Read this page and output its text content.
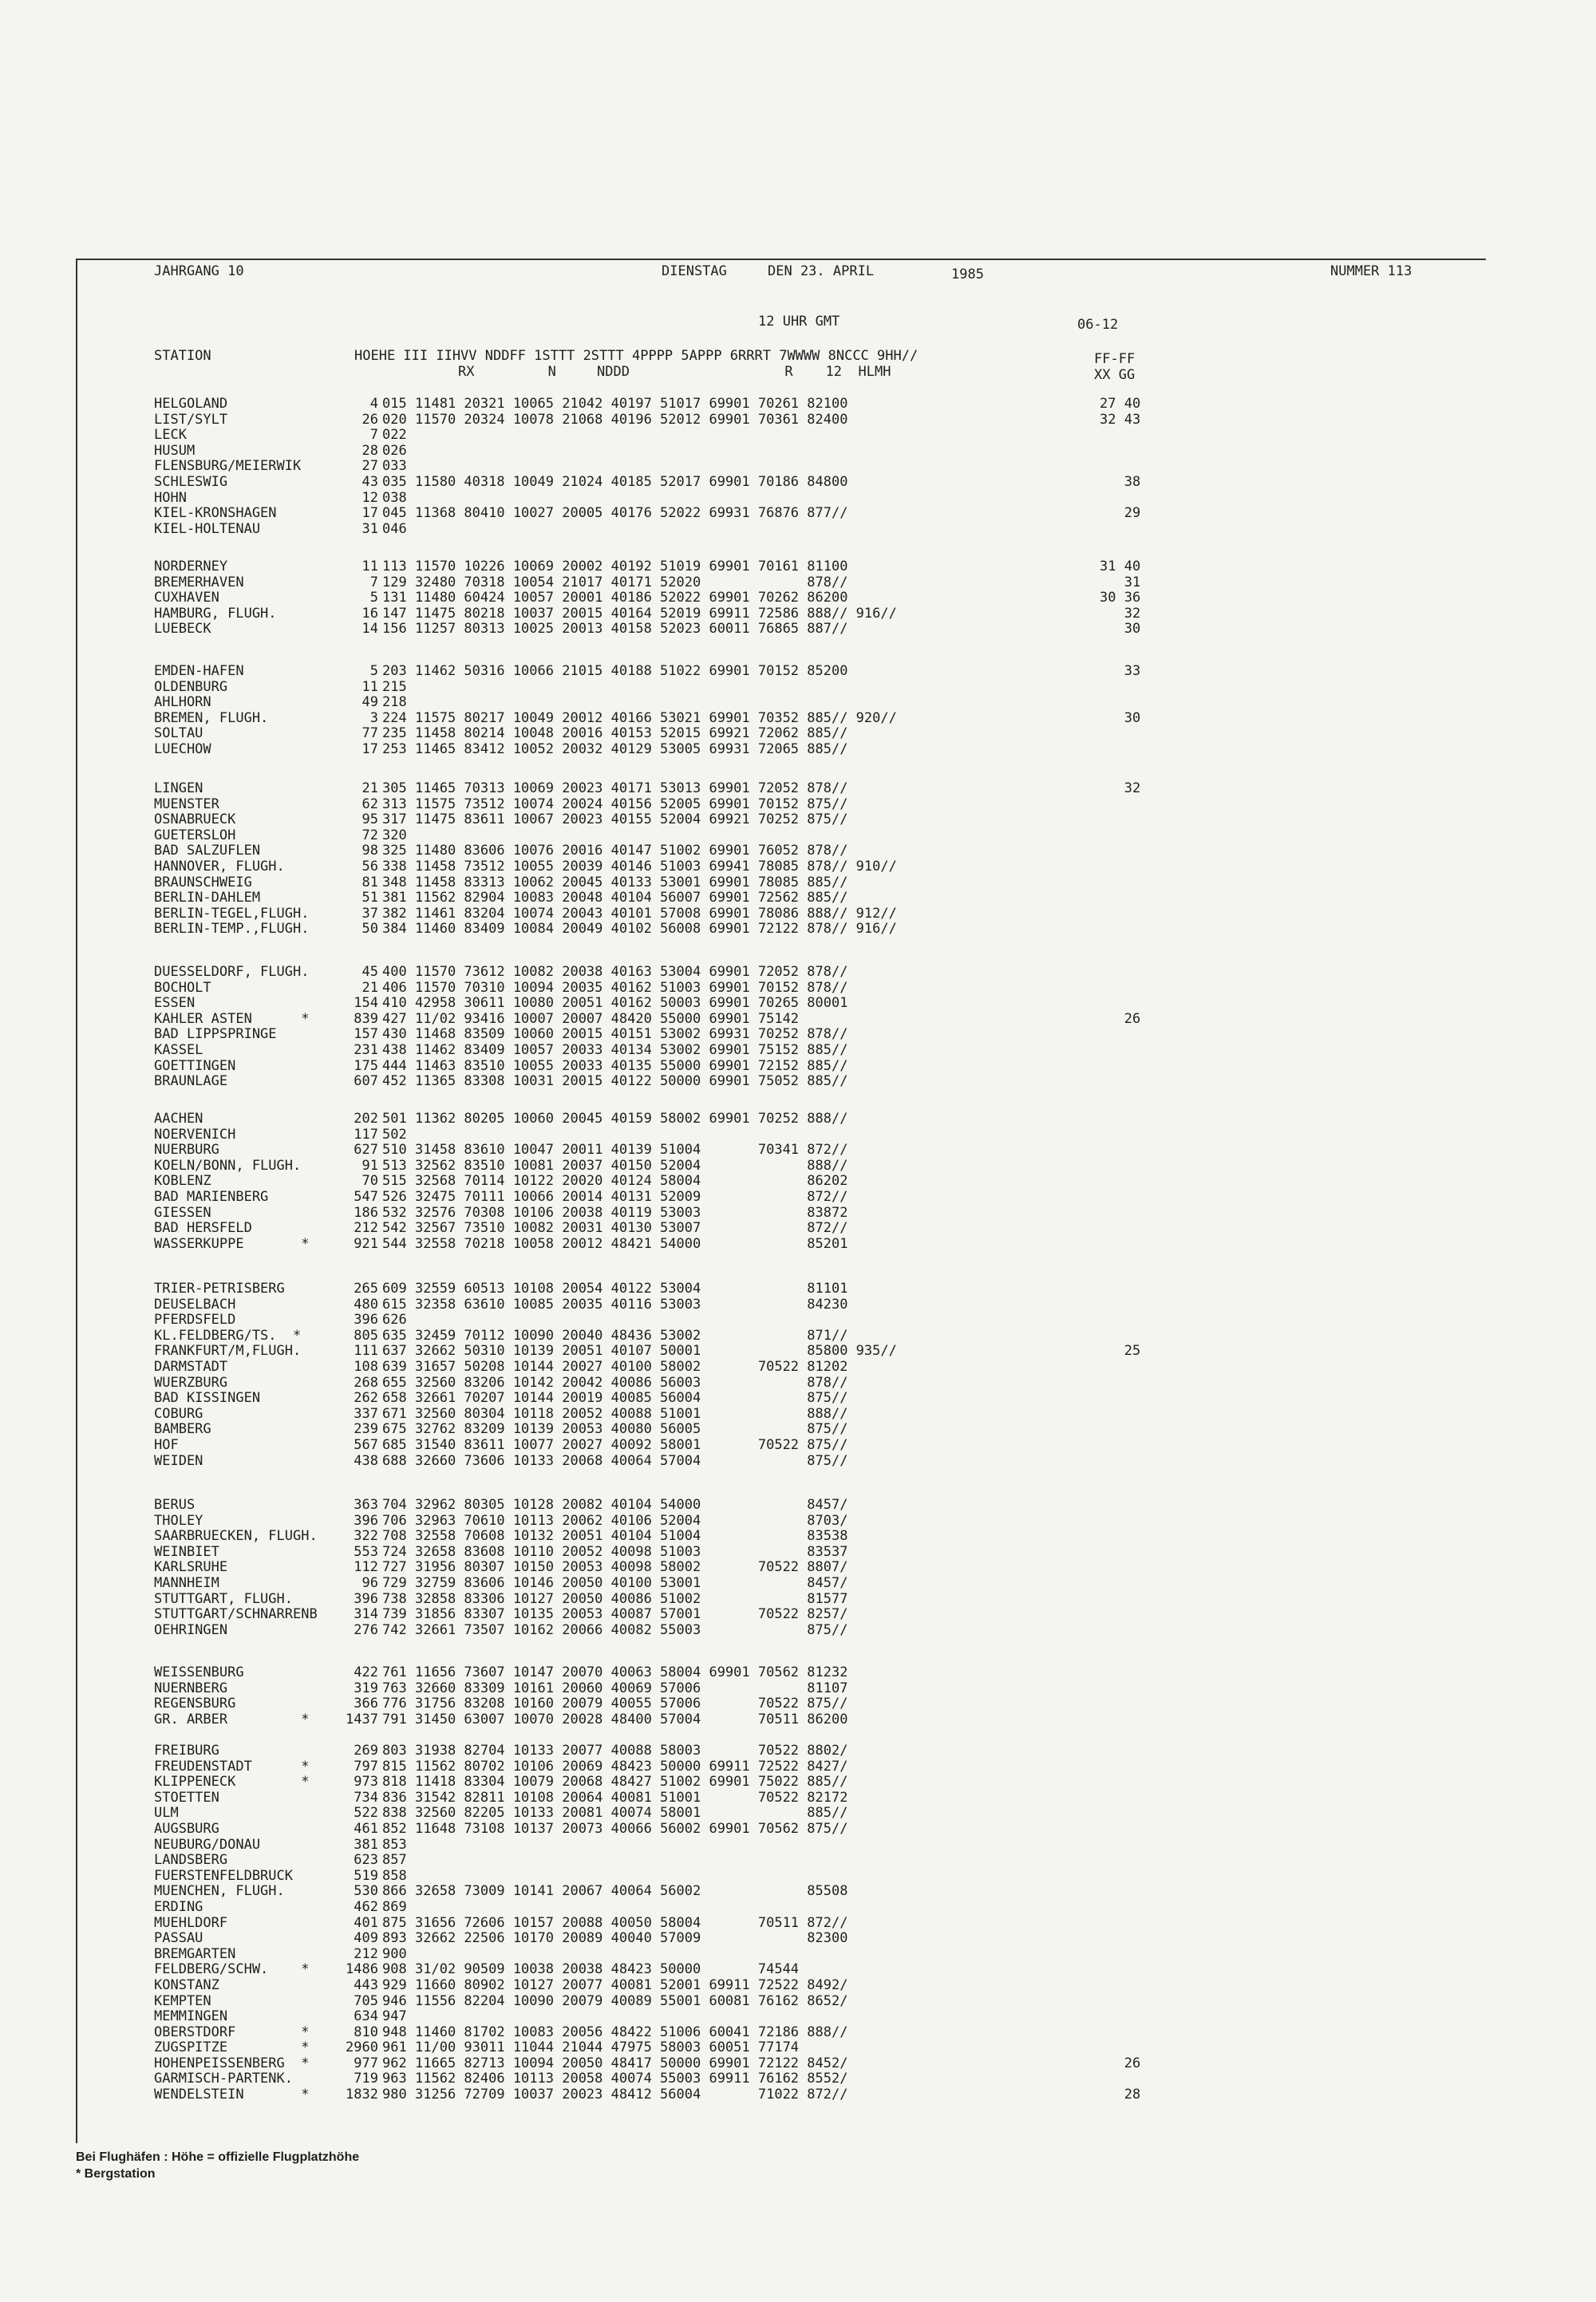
JAHRGANG 10	DIENSTAG	DEN 23. APRIL	1985	NUMMER 113
12 UHR GMT	06-12
STATION	HOEHE III IIHVV NDDFF 1STTT 2STTT 4PPPP 5APPP 6RRRT 7WWWW 8NCCC 9HH//
RX         N     NDDD                   R    12  HLMH
FF-FF
XX GG
HELGOLAND	4 015 11481 20321 10065 21042 40197 51017 69901 70261 82100	27 40
LIST/SYLT	26 020 11570 20324 10078 21068 40196 52012 69901 70361 82400	32 43
LECK	7 022
HUSUM	28 026
FLENSBURG/MEIERWIK	27 033
SCHLESWIG	43 035 11580 40318 10049 21024 40185 52017 69901 70186 84800	38
HOHN	12 038
KIEL-KRONSHAGEN	17 045 11368 80410 10027 20005 40176 52022 69931 76876 877//	29
KIEL-HOLTENAU	31 046
NORDERNEY	11 113 11570 10226 10069 20002 40192 51019 69901 70161 81100	31 40
BREMERHAVEN	7 129 32480 70318 10054 21017 40171 52020             878//	31
CUXHAVEN	5 131 11480 60424 10057 20001 40186 52022 69901 70262 86200	30 36
HAMBURG, FLUGH.	16 147 11475 80218 10037 20015 40164 52019 69911 72586 888// 916//	32
LUEBECK	14 156 11257 80313 10025 20013 40158 52023 60011 76865 887//	30
EMDEN-HAFEN	5 203 11462 50316 10066 21015 40188 51022 69901 70152 85200	33
OLDENBURG	11 215
AHLHORN	49 218
BREMEN, FLUGH.	3 224 11575 80217 10049 20012 40166 53021 69901 70352 885// 920//	30
SOLTAU	77 235 11458 80214 10048 20016 40153 52015 69921 72062 885//
LUECHOW	17 253 11465 83412 10052 20032 40129 53005 69931 72065 885//
LINGEN	21 305 11465 70313 10069 20023 40171 53013 69901 72052 878//	32
MUENSTER	62 313 11575 73512 10074 20024 40156 52005 69901 70152 875//
OSNABRUECK	95 317 11475 83611 10067 20023 40155 52004 69921 70252 875//
GUETERSLOH	72 320
BAD SALZUFLEN	98 325 11480 83606 10076 20016 40147 51002 69901 76052 878//
HANNOVER, FLUGH.	56 338 11458 73512 10055 20039 40146 51003 69941 78085 878// 910//
BRAUNSCHWEIG	81 348 11458 83313 10062 20045 40133 53001 69901 78085 885//
BERLIN-DAHLEM	51 381 11562 82904 10083 20048 40104 56007 69901 72562 885//
BERLIN-TEGEL,FLUGH.	37 382 11461 83204 10074 20043 40101 57008 69901 78086 888// 912//
BERLIN-TEMP.,FLUGH.	50 384 11460 83409 10084 20049 40102 56008 69901 72122 878// 916//
DUESSELDORF, FLUGH.	45 400 11570 73612 10082 20038 40163 53004 69901 72052 878//
BOCHOLT	21 406 11570 70310 10094 20035 40162 51003 69901 70152 878//
ESSEN	154 410 42958 30611 10080 20051 40162 50003 69901 70265 80001
KAHLER ASTEN      *	839 427 11/02 93416 10007 20007 48420 55000 69901 75142	26
BAD LIPPSPRINGE	157 430 11468 83509 10060 20015 40151 53002 69931 70252 878//
KASSEL	231 438 11462 83409 10057 20033 40134 53002 69901 75152 885//
GOETTINGEN	175 444 11463 83510 10055 20033 40135 55000 69901 72152 885//
BRAUNLAGE	607 452 11365 83308 10031 20015 40122 50000 69901 75052 885//
AACHEN	202 501 11362 80205 10060 20045 40159 58002 69901 70252 888//
NOERVENICH	117 502
NUERBURG	627 510 31458 83610 10047 20011 40139 51004       70341 872//
KOELN/BONN, FLUGH.	91 513 32562 83510 10081 20037 40150 52004             888//
KOBLENZ	70 515 32568 70114 10122 20020 40124 58004             86202
BAD MARIENBERG	547 526 32475 70111 10066 20014 40131 52009             872//
GIESSEN	186 532 32576 70308 10106 20038 40119 53003             83872
BAD HERSFELD	212 542 32567 73510 10082 20031 40130 53007             872//
WASSERKUPPE       *	921 544 32558 70218 10058 20012 48421 54000             85201
TRIER-PETRISBERG	265 609 32559 60513 10108 20054 40122 53004             81101
DEUSELBACH	480 615 32358 63610 10085 20035 40116 53003             84230
PFERDSFELD	396 626
KL.FELDBERG/TS.  *	805 635 32459 70112 10090 20040 48436 53002             871//
FRANKFURT/M,FLUGH.	111 637 32662 50310 10139 20051 40107 50001             85800 935//	25
DARMSTADT	108 639 31657 50208 10144 20027 40100 58002       70522 81202
WUERZBURG	268 655 32560 83206 10142 20042 40086 56003             878//
BAD KISSINGEN	262 658 32661 70207 10144 20019 40085 56004             875//
COBURG	337 671 32560 80304 10118 20052 40088 51001             888//
BAMBERG	239 675 32762 83209 10139 20053 40080 56005             875//
HOF	567 685 31540 83611 10077 20027 40092 58001       70522 875//
WEIDEN	438 688 32660 73606 10133 20068 40064 57004             875//
BERUS	363 704 32962 80305 10128 20082 40104 54000             8457/
THOLEY	396 706 32963 70610 10113 20062 40106 52004             8703/
SAARBRUECKEN, FLUGH.	322 708 32558 70608 10132 20051 40104 51004             83538
WEINBIET	553 724 32658 83608 10110 20052 40098 51003             83537
KARLSRUHE	112 727 31956 80307 10150 20053 40098 58002       70522 8807/
MANNHEIM	96 729 32759 83606 10146 20050 40100 53001             8457/
STUTTGART, FLUGH.	396 738 32858 83306 10127 20050 40086 51002             81577
STUTTGART/SCHNARRENB	314 739 31856 83307 10135 20053 40087 57001       70522 8257/
OEHRINGEN	276 742 32661 73507 10162 20066 40082 55003             875//
WEISSENBURG	422 761 11656 73607 10147 20070 40063 58004 69901 70562 81232
NUERNBERG	319 763 32660 83309 10161 20060 40069 57006             81107
REGENSBURG	366 776 31756 83208 10160 20079 40055 57006       70522 875//
GR. ARBER         *	1437 791 31450 63007 10070 20028 48400 57004       70511 86200
FREIBURG	269 803 31938 82704 10133 20077 40088 58003       70522 8802/
FREUDENSTADT      *	797 815 11562 80702 10106 20069 48423 50000 69911 72522 8427/
KLIPPENECK        *	973 818 11418 83304 10079 20068 48427 51002 69901 75022 885//
STOETTEN	734 836 31542 82811 10108 20064 40081 51001       70522 82172
ULM	522 838 32560 82205 10133 20081 40074 58001             885//
AUGSBURG	461 852 11648 73108 10137 20073 40066 56002 69901 70562 875//
NEUBURG/DONAU	381 853
LANDSBERG	623 857
FUERSTENFELDBRUCK	519 858
MUENCHEN, FLUGH.	530 866 32658 73009 10141 20067 40064 56002             85508
ERDING	462 869
MUEHLDORF	401 875 31656 72606 10157 20088 40050 58004       70511 872//
PASSAU	409 893 32662 22506 10170 20089 40040 57009             82300
BREMGARTEN	212 900
FELDBERG/SCHW.    *	1486 908 31/02 90509 10038 20038 48423 50000       74544
KONSTANZ	443 929 11660 80902 10127 20077 40081 52001 69911 72522 8492/
KEMPTEN	705 946 11556 82204 10090 20079 40089 55001 60081 76162 8652/
MEMMINGEN	634 947
OBERSTDORF        *	810 948 11460 81702 10083 20056 48422 51006 60041 72186 888//
ZUGSPITZE         *	2960 961 11/00 93011 11044 21044 47975 58003 60051 77174
HOHENPEISSENBERG  *	977 962 11665 82713 10094 20050 48417 50000 69901 72122 8452/	26
GARMISCH-PARTENK.	719 963 11562 82406 10113 20058 40074 55003 69911 76162 8552/
WENDELSTEIN       *	1832 980 31256 72709 10037 20023 48412 56004       71022 872//	28
Bei Flughäfen : Höhe = offizielle Flugplatzhöhe
* Bergstation
